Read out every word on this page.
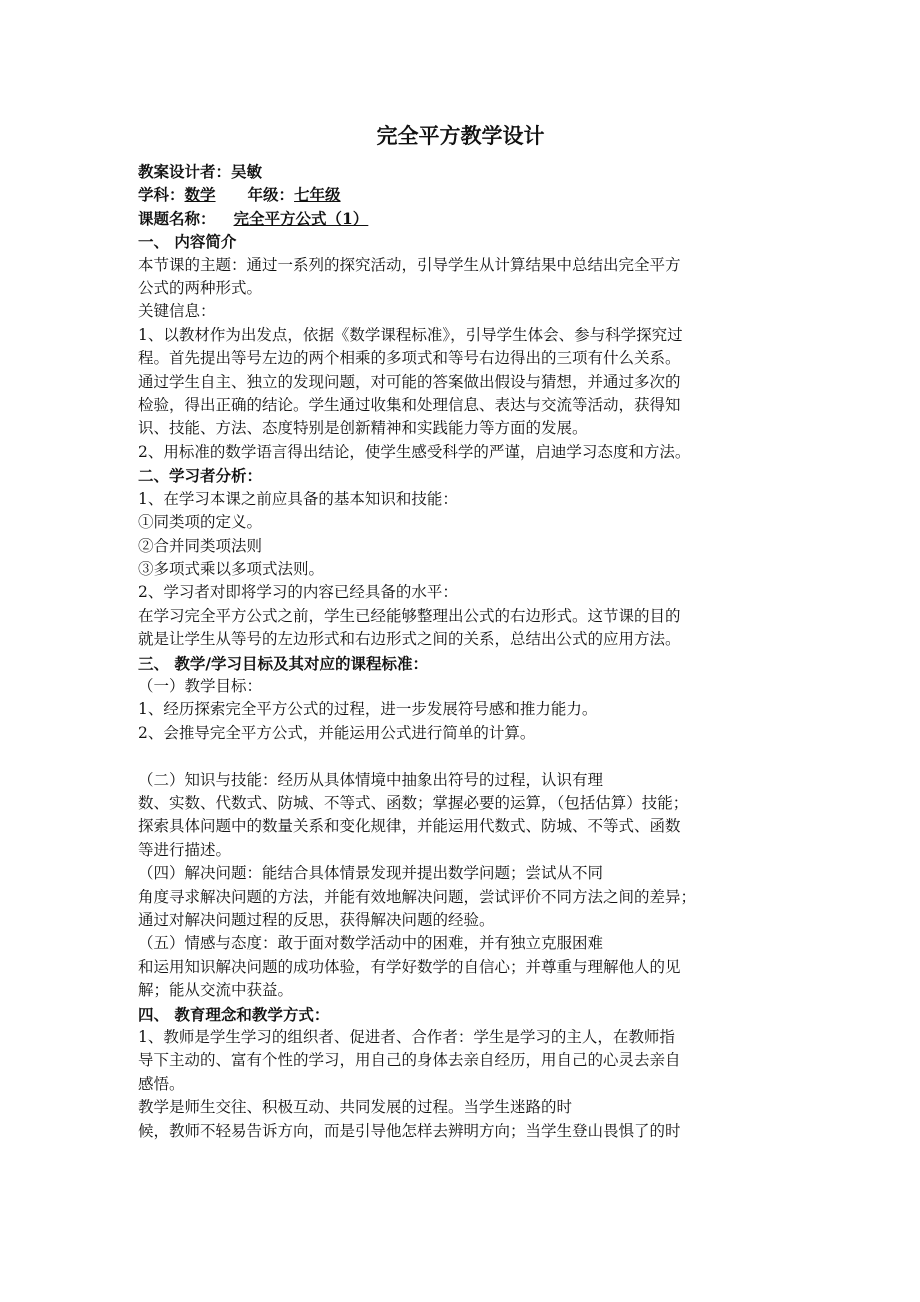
完全平方教学设计

教案设计者：吴敏

学科：数学 年级：七年级

课题名称： 完全平方公式（1）

一、 内容简介

本节课的主题：通过一系列的探究活动，引导学生从计算结果中总结出完全平方

公式的两种形式。

关键信息：

1、以教材作为出发点，依据《数学课程标准》，引导学生体会、参与科学探究过

程。首先提出等号左边的两个相乘的多项式和等号右边得出的三项有什么关系。

通过学生自主、独立的发现问题，对可能的答案做出假设与猜想，并通过多次的

检验，得出正确的结论。学生通过收集和处理信息、表达与交流等活动，获得知

识、技能、方法、态度特别是创新精神和实践能力等方面的发展。

2、用标准的数学语言得出结论，使学生感受科学的严谨，启迪学习态度和方法。

二、学习者分析：

1、在学习本课之前应具备的基本知识和技能：

①同类项的定义。

②合并同类项法则

③多项式乘以多项式法则。

2、学习者对即将学习的内容已经具备的水平：

在学习完全平方公式之前，学生已经能够整理出公式的右边形式。这节课的目的

就是让学生从等号的左边形式和右边形式之间的关系，总结出公式的应用方法。

三、 教学/学习目标及其对应的课程标准：

（一）教学目标：

1、经历探索完全平方公式的过程，进一步发展符号感和推力能力。

2、会推导完全平方公式，并能运用公式进行简单的计算。

（二）知识与技能：经历从具体情境中抽象出符号的过程，认识有理

数、实数、代数式、防城、不等式、函数；掌握必要的运算，（包括估算）技能；

探索具体问题中的数量关系和变化规律，并能运用代数式、防城、不等式、函数

等进行描述。

（四）解决问题：能结合具体情景发现并提出数学问题；尝试从不同

角度寻求解决问题的方法，并能有效地解决问题，尝试评价不同方法之间的差异；

通过对解决问题过程的反思，获得解决问题的经验。

（五）情感与态度：敢于面对数学活动中的困难，并有独立克服困难

和运用知识解决问题的成功体验，有学好数学的自信心；并尊重与理解他人的见

解；能从交流中获益。

四、 教育理念和教学方式：

1、教师是学生学习的组织者、促进者、合作者：学生是学习的主人，在教师指

导下主动的、富有个性的学习，用自己的身体去亲自经历，用自己的心灵去亲自

感悟。

教学是师生交往、积极互动、共同发展的过程。当学生迷路的时

候，教师不轻易告诉方向，而是引导他怎样去辨明方向；当学生登山畏惧了的时
